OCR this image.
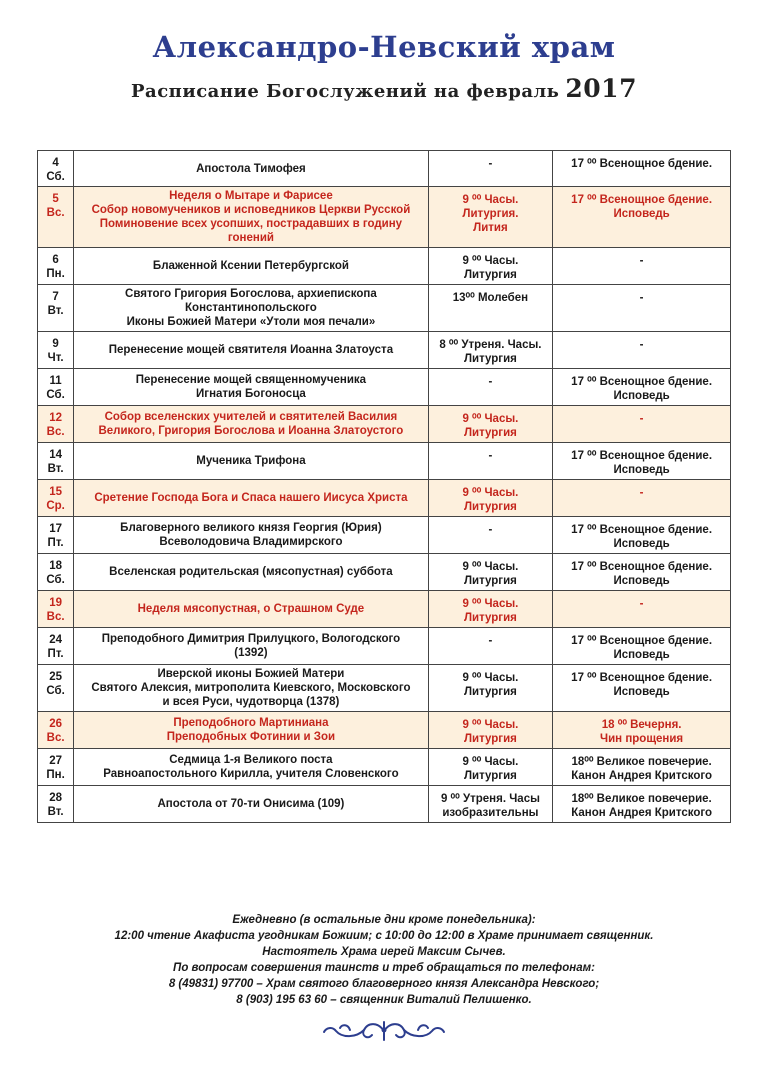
Александро-Невский храм
Расписание Богослужений на февраль 2017
4
Сб.	Апостола Тимофея	-	17 ⁰⁰ Всенощное бдение.
5
Вс.	Неделя о Мытаре и Фарисее
Собор новомучеников и исповедников Церкви Русской
Поминовение всех усопших, пострадавших в годину гонений	9 ⁰⁰ Часы.
Литургия.
Лития	17 ⁰⁰ Всенощное бдение.
Исповедь
6
Пн.	Блаженной Ксении Петербургской	9 ⁰⁰ Часы.
Литургия	-
7
Вт.	Святого Григория Богослова, архиепископа
Константинопольского
Иконы Божией Матери «Утоли моя печали»	13⁰⁰ Молебен	-
9
Чт.	Перенесение мощей святителя Иоанна Златоуста	8 ⁰⁰ Утреня. Часы.
Литургия	-
11
Сб.	Перенесение мощей священномученика
Игнатия Богоносца	-	17 ⁰⁰ Всенощное бдение.
Исповедь
12
Вс.	Собор вселенских учителей и святителей Василия
Великого, Григория Богослова и Иоанна Златоустого	9 ⁰⁰ Часы.
Литургия	-
14
Вт.	Мученика Трифона	-	17 ⁰⁰ Всенощное бдение.
Исповедь
15
Ср.	Сретение Господа Бога и Спаса нашего Иисуса Христа	9 ⁰⁰ Часы.
Литургия	-
17
Пт.	Благоверного великого князя Георгия (Юрия)
Всеволодовича Владимирского	-	17 ⁰⁰ Всенощное бдение.
Исповедь
18
Сб.	Вселенская родительская (мясопустная) суббота	9 ⁰⁰ Часы.
Литургия	17 ⁰⁰ Всенощное бдение.
Исповедь
19
Вс.	Неделя мясопустная, о Страшном Суде	9 ⁰⁰ Часы.
Литургия	-
24
Пт.	Преподобного Димитрия Прилуцкого, Вологодского
(1392)	-	17 ⁰⁰ Всенощное бдение.
Исповедь
25
Сб.	Иверской иконы Божией Матери
Святого Алексия, митрополита Киевского, Московского
и всея Руси, чудотворца (1378)	9 ⁰⁰ Часы.
Литургия	17 ⁰⁰ Всенощное бдение.
Исповедь
26
Вс.	Преподобного Мартиниана
Преподобных Фотинии и Зои	9 ⁰⁰ Часы.
Литургия	18 ⁰⁰ Вечерня.
Чин прощения
27
Пн.	Седмица 1-я Великого поста
Равноапостольного Кирилла, учителя Словенского	9 ⁰⁰ Часы.
Литургия	18⁰⁰ Великое повечерие.
Канон Андрея Критского
28
Вт.	Апостола от 70-ти Онисима (109)	9 ⁰⁰ Утреня. Часы
изобразительны	18⁰⁰ Великое повечерие.
Канон Андрея Критского
Ежедневно (в остальные дни кроме понедельника):
12:00 чтение Акафиста угодникам Божиим; с 10:00 до 12:00 в Храме принимает священник.
Настоятель Храма иерей Максим Сычев.
По вопросам совершения таинств и треб обращаться по телефонам:
8 (49831) 97700 – Храм святого благоверного князя Александра Невского;
8 (903) 195 63 60 – священник Виталий Пелишенко.
